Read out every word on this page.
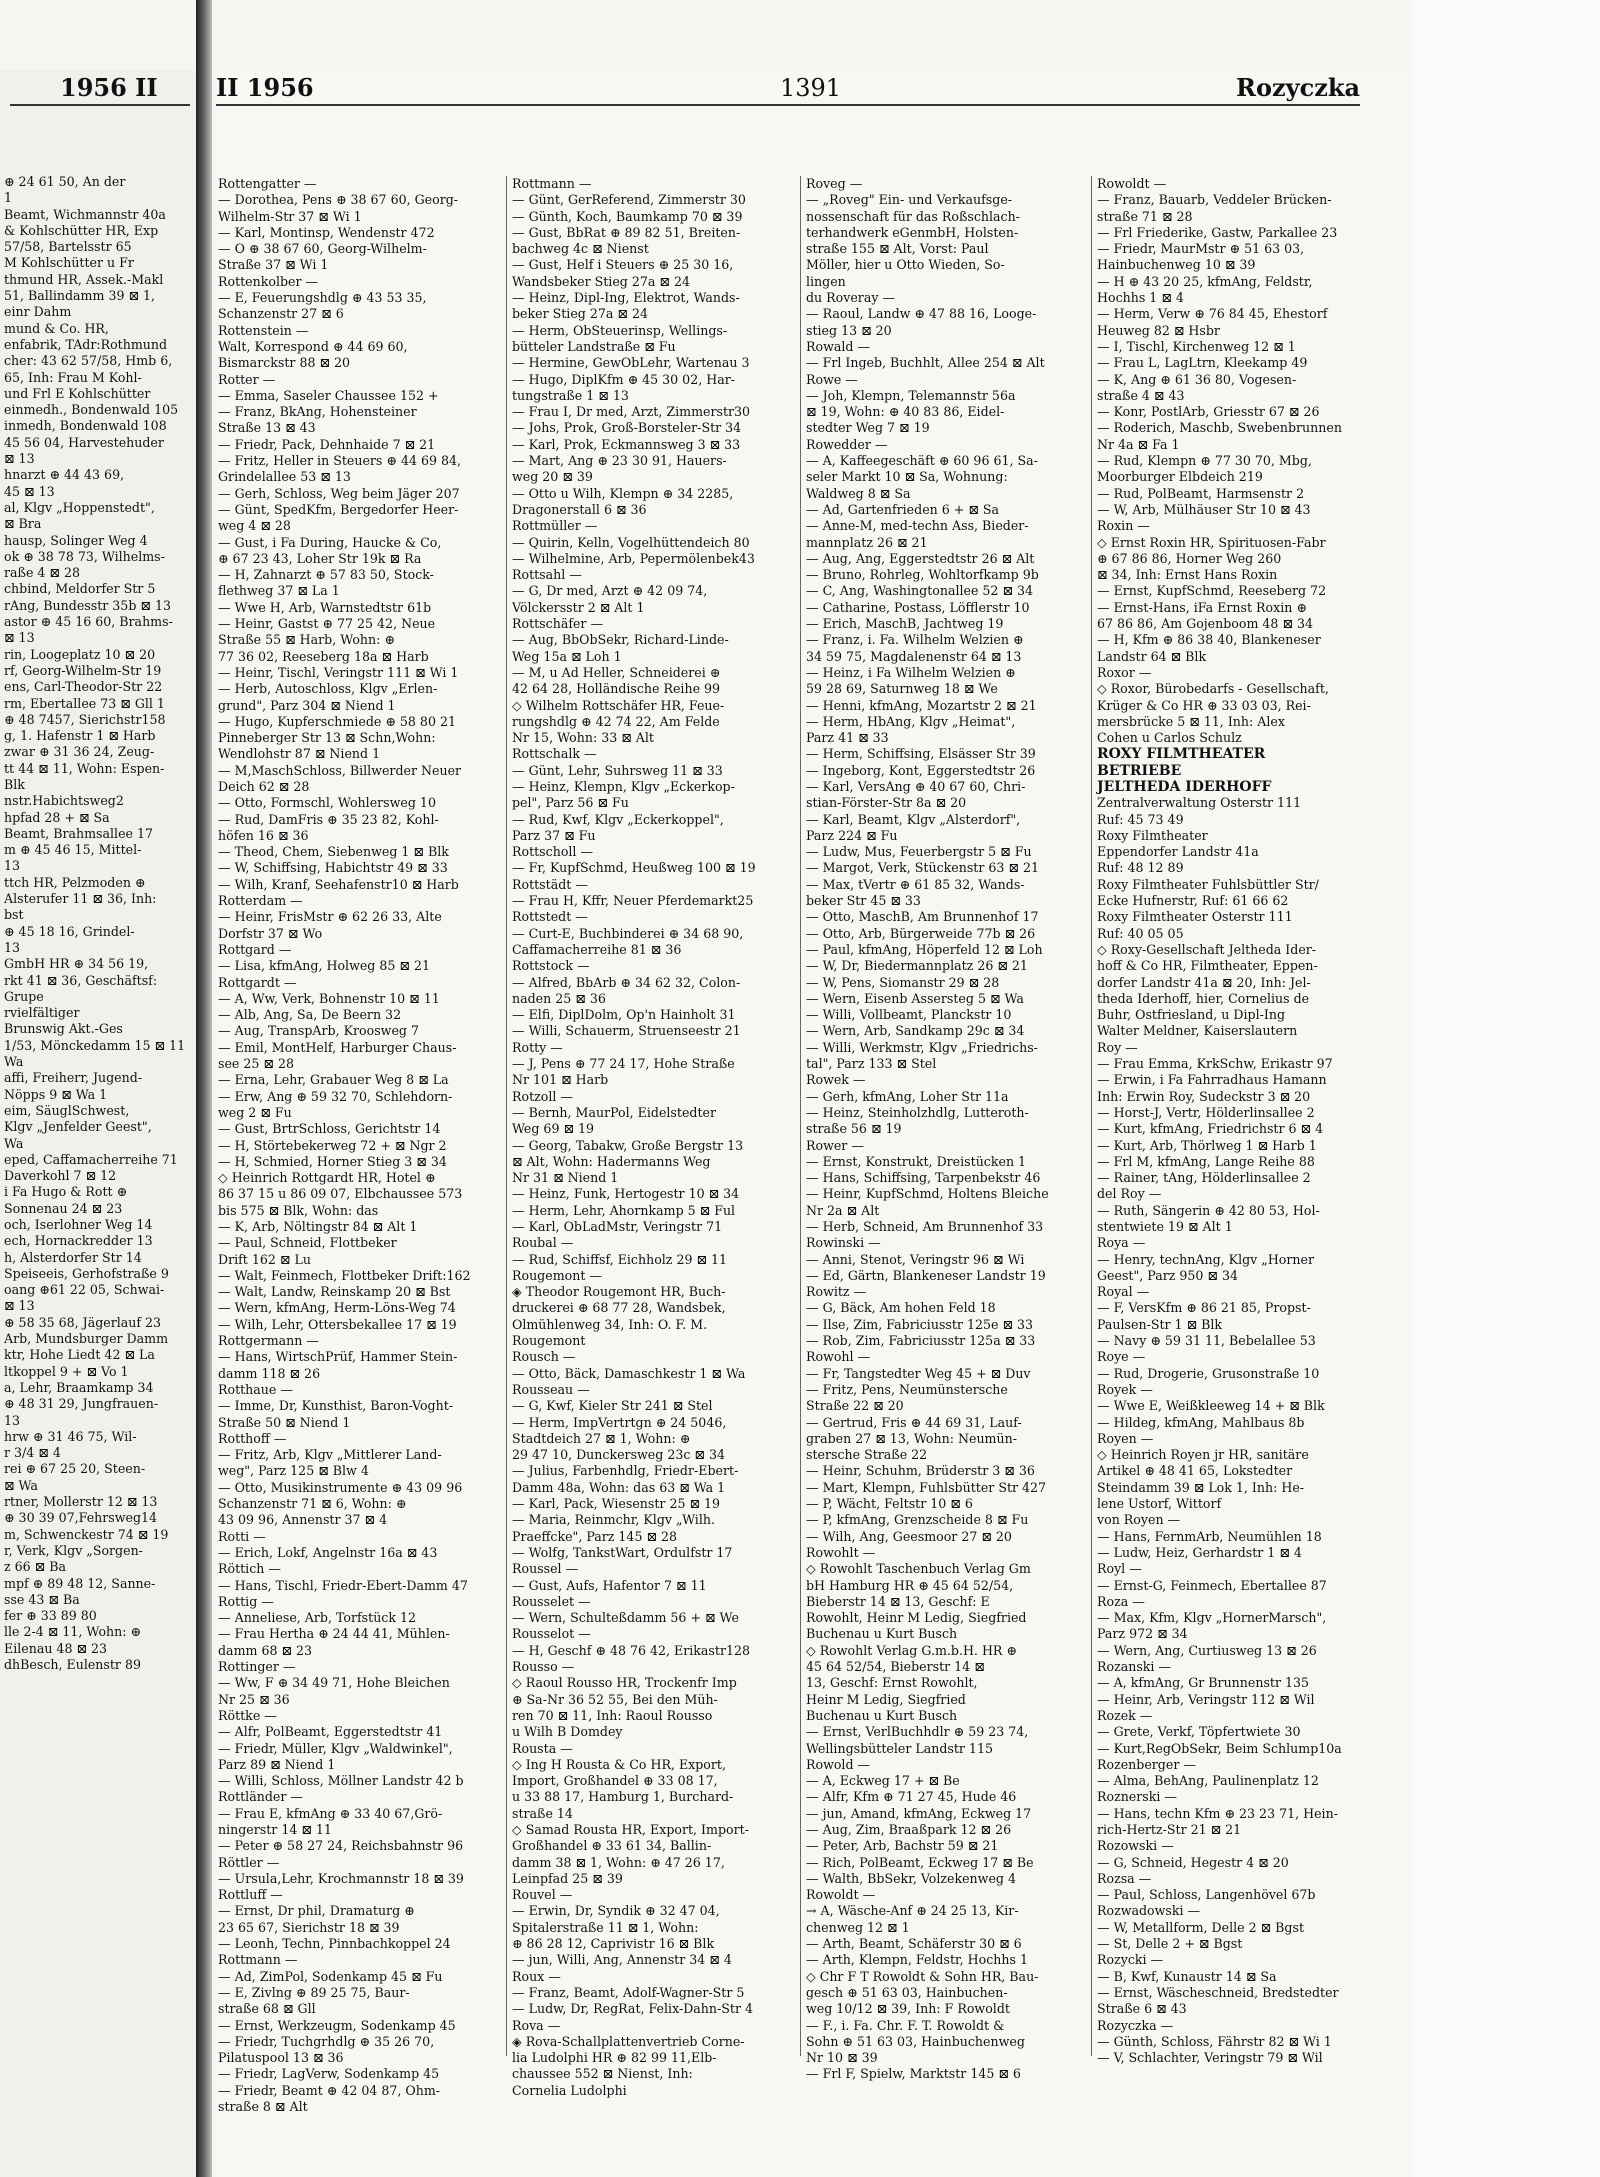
1956 II	II 1956	1391	Rozyczka
⊕ 24 61 50, An der
1
Beamt, Wichmannstr 40a
& Kohlschütter HR, Exp
57/58, Bartelsstr 65
M Kohlschütter u Fr
thmund HR, Assek.-Makl
51, Ballindamm 39 ⊠ 1,
einr Dahm
mund & Co. HR,
enfabrik, TAdr:Rothmund
cher: 43 62 57/58, Hmb 6,
65, Inh: Frau M Kohl-
und Frl E Kohlschütter
einmedh., Bondenwald 105
inmedh, Bondenwald 108
45 56 04, Harvestehuder
⊠ 13
hnarzt ⊕ 44 43 69,
45 ⊠ 13
al, Klgv „Hoppenstedt",
⊠ Bra
hausp, Solinger Weg 4
ok ⊕ 38 78 73, Wilhelms-
raße 4 ⊠ 28
chbind, Meldorfer Str 5
rAng, Bundesstr 35b ⊠ 13
astor ⊕ 45 16 60, Brahms-
⊠ 13
rin, Loogeplatz 10 ⊠ 20
rf, Georg-Wilhelm-Str 19
ens, Carl-Theodor-Str 22
rm, Ebertallee 73 ⊠ Gll 1
⊕ 48 7457, Sierichstr158
g, 1. Hafenstr 1 ⊠ Harb
zwar ⊕ 31 36 24, Zeug-
tt 44 ⊠ 11, Wohn: Espen-
Blk
nstr.Habichtsweg2
hpfad 28 + ⊠ Sa
Beamt, Brahmsallee 17
m ⊕ 45 46 15, Mittel-
13
ttch HR, Pelzmoden ⊕
Alsterufer 11 ⊠ 36, Inh:
bst
⊕ 45 18 16, Grindel-
13
GmbH HR ⊕ 34 56 19,
rkt 41 ⊠ 36, Geschäftsf:
Grupe
rvielfältiger
Brunswig Akt.-Ges
1/53, Mönckedamm 15 ⊠ 11
Wa
affi, Freiherr, Jugend-
Nöpps 9 ⊠ Wa 1
eim, SäuglSchwest,
Klgv „Jenfelder Geest",
Wa
eped, Caffamacherreihe 71
Daverkohl 7 ⊠ 12
i Fa Hugo & Rott ⊕
Sonnenau 24 ⊠ 23
och, Iserlohner Weg 14
ech, Hornackredder 13
h, Alsterdorfer Str 14
Speiseeis, Gerhofstraße 9
oang ⊕61 22 05, Schwai-
⊠ 13
⊕ 58 35 68, Jägerlauf 23
Arb, Mundsburger Damm
ktr, Hohe Liedt 42 ⊠ La
ltkoppel 9 + ⊠ Vo 1
a, Lehr, Braamkamp 34
⊕ 48 31 29, Jungfrauen-
13
hrw ⊕ 31 46 75, Wil-
r 3/4 ⊠ 4
rei ⊕ 67 25 20, Steen-
⊠ Wa
rtner, Mollerstr 12 ⊠ 13
⊕ 30 39 07,Fehrsweg14
m, Schwenckestr 74 ⊠ 19
r, Verk, Klgv „Sorgen-
z 66 ⊠ Ba
mpf ⊕ 89 48 12, Sanne-
sse 43 ⊠ Ba
fer ⊕ 33 89 80
lle 2-4 ⊠ 11, Wohn: ⊕
Eilenau 48 ⊠ 23
dhBesch, Eulenstr 89
Rottengatter —
— Dorothea, Pens ⊕ 38 67 60, Georg-
Wilhelm-Str 37 ⊠ Wi 1
— Karl, Montinsp, Wendenstr 472
— O ⊕ 38 67 60, Georg-Wilhelm-
Straße 37 ⊠ Wi 1
Rottenkolber —
— E, Feuerungshdlg ⊕ 43 53 35,
Schanzenstr 27 ⊠ 6
Rottenstein —
Walt, Korrespond ⊕ 44 69 60,
Bismarckstr 88 ⊠ 20
Rotter —
— Emma, Saseler Chaussee 152 +
— Franz, BkAng, Hohensteiner
Straße 13 ⊠ 43
— Friedr, Pack, Dehnhaide 7 ⊠ 21
— Fritz, Heller in Steuers ⊕ 44 69 84,
Grindelallee 53 ⊠ 13
— Gerh, Schloss, Weg beim Jäger 207
— Günt, SpedKfm, Bergedorfer Heer-
weg 4 ⊠ 28
— Gust, i Fa During, Haucke & Co,
⊕ 67 23 43, Loher Str 19k ⊠ Ra
— H, Zahnarzt ⊕ 57 83 50, Stock-
flethweg 37 ⊠ La 1
— Wwe H, Arb, Warnstedtstr 61b
— Heinr, Gastst ⊕ 77 25 42, Neue
Straße 55 ⊠ Harb, Wohn: ⊕
77 36 02, Reeseberg 18a ⊠ Harb
— Heinr, Tischl, Veringstr 111 ⊠ Wi 1
— Herb, Autoschloss, Klgv „Erlen-
grund", Parz 304 ⊠ Niend 1
— Hugo, Kupferschmiede ⊕ 58 80 21
Pinneberger Str 13 ⊠ Schn,Wohn:
Wendlohstr 87 ⊠ Niend 1
— M,MaschSchloss, Billwerder Neuer
Deich 62 ⊠ 28
— Otto, Formschl, Wohlersweg 10
— Rud, DamFris ⊕ 35 23 82, Kohl-
höfen 16 ⊠ 36
— Theod, Chem, Siebenweg 1 ⊠ Blk
— W, Schiffsing, Habichtstr 49 ⊠ 33
— Wilh, Kranf, Seehafenstr10 ⊠ Harb
Rotterdam —
— Heinr, FrisMstr ⊕ 62 26 33, Alte
Dorfstr 37 ⊠ Wo
Rottgard —
— Lisa, kfmAng, Holweg 85 ⊠ 21
Rottgardt —
— A, Ww, Verk, Bohnenstr 10 ⊠ 11
— Alb, Ang, Sa, De Beern 32
— Aug, TranspArb, Kroosweg 7
— Emil, MontHelf, Harburger Chaus-
see 25 ⊠ 28
— Erna, Lehr, Grabauer Weg 8 ⊠ La
— Erw, Ang ⊕ 59 32 70, Schlehdorn-
weg 2 ⊠ Fu
— Gust, BrtrSchloss, Gerichtstr 14
— H, Störtebekerweg 72 + ⊠ Ngr 2
— H, Schmied, Horner Stieg 3 ⊠ 34
◇ Heinrich Rottgardt HR, Hotel ⊕
86 37 15 u 86 09 07, Elbchaussee 573
bis 575 ⊠ Blk, Wohn: das
— K, Arb, Nöltingstr 84 ⊠ Alt 1
— Paul, Schneid, Flottbeker
Drift 162 ⊠ Lu
— Walt, Feinmech, Flottbeker Drift:162
— Walt, Landw, Reinskamp 20 ⊠ Bst
— Wern, kfmAng, Herm-Löns-Weg 74
— Wilh, Lehr, Ottersbekallee 17 ⊠ 19
Rottgermann —
— Hans, WirtschPrüf, Hammer Stein-
damm 118 ⊠ 26
Rotthaue —
— Imme, Dr, Kunsthist, Baron-Voght-
Straße 50 ⊠ Niend 1
Rotthoff —
— Fritz, Arb, Klgv „Mittlerer Land-
weg", Parz 125 ⊠ Blw 4
— Otto, Musikinstrumente ⊕ 43 09 96
Schanzenstr 71 ⊠ 6, Wohn: ⊕
43 09 96, Annenstr 37 ⊠ 4
Rotti —
— Erich, Lokf, Angelnstr 16a ⊠ 43
Röttich —
— Hans, Tischl, Friedr-Ebert-Damm 47
Rottig —
— Anneliese, Arb, Torfstück 12
— Frau Hertha ⊕ 24 44 41, Mühlen-
damm 68 ⊠ 23
Rottinger —
— Ww, F ⊕ 34 49 71, Hohe Bleichen
Nr 25 ⊠ 36
Röttke —
— Alfr, PolBeamt, Eggerstedtstr 41
— Friedr, Müller, Klgv „Waldwinkel",
Parz 89 ⊠ Niend 1
— Willi, Schloss, Möllner Landstr 42 b
Rottländer —
— Frau E, kfmAng ⊕ 33 40 67,Grö-
ningerstr 14 ⊠ 11
— Peter ⊕ 58 27 24, Reichsbahnstr 96
Röttler —
— Ursula,Lehr, Krochmannstr 18 ⊠ 39
Rottluff —
— Ernst, Dr phil, Dramaturg ⊕
23 65 67, Sierichstr 18 ⊠ 39
— Leonh, Techn, Pinnbachkoppel 24
Rottmann —
— Ad, ZimPol, Sodenkamp 45 ⊠ Fu
— E, Zivlng ⊕ 89 25 75, Baur-
straße 68 ⊠ Gll
— Ernst, Werkzeugm, Sodenkamp 45
— Friedr, Tuchgrhdlg ⊕ 35 26 70,
Pilatuspool 13 ⊠ 36
— Friedr, LagVerw, Sodenkamp 45
— Friedr, Beamt ⊕ 42 04 87, Ohm-
straße 8 ⊠ Alt
Rottmann —
— Günt, GerReferend, Zimmerstr 30
— Günth, Koch, Baumkamp 70 ⊠ 39
— Gust, BbRat ⊕ 89 82 51, Breiten-
bachweg 4c ⊠ Nienst
— Gust, Helf i Steuers ⊕ 25 30 16,
Wandsbeker Stieg 27a ⊠ 24
— Heinz, Dipl-Ing, Elektrot, Wands-
beker Stieg 27a ⊠ 24
— Herm, ObSteuerinsp, Wellings-
bütteler Landstraße ⊠ Fu
— Hermine, GewObLehr, Wartenau 3
— Hugo, DiplKfm ⊕ 45 30 02, Har-
tungstraße 1 ⊠ 13
— Frau I, Dr med, Arzt, Zimmerstr30
— Johs, Prok, Groß-Borsteler-Str 34
— Karl, Prok, Eckmannsweg 3 ⊠ 33
— Mart, Ang ⊕ 23 30 91, Hauers-
weg 20 ⊠ 39
— Otto u Wilh, Klempn ⊕ 34 2285,
Dragonerstall 6 ⊠ 36
Rottmüller —
— Quirin, Kelln, Vogelhüttendeich 80
— Wilhelmine, Arb, Pepermölenbek43
Rottsahl —
— G, Dr med, Arzt ⊕ 42 09 74,
Völckersstr 2 ⊠ Alt 1
Rottschäfer —
— Aug, BbObSekr, Richard-Linde-
Weg 15a ⊠ Loh 1
— M, u Ad Heller, Schneiderei ⊕
42 64 28, Holländische Reihe 99
◇ Wilhelm Rottschäfer HR, Feue-
rungshdlg ⊕ 42 74 22, Am Felde
Nr 15, Wohn: 33 ⊠ Alt
Rottschalk —
— Günt, Lehr, Suhrsweg 11 ⊠ 33
— Heinz, Klempn, Klgv „Eckerkop-
pel", Parz 56 ⊠ Fu
— Rud, Kwf, Klgv „Eckerkoppel",
Parz 37 ⊠ Fu
Rottscholl —
— Fr, KupfSchmd, Heußweg 100 ⊠ 19
Rottstädt —
— Frau H, Kffr, Neuer Pferdemarkt25
Rottstedt —
— Curt-E, Buchbinderei ⊕ 34 68 90,
Caffamacherreihe 81 ⊠ 36
Rottstock —
— Alfred, BbArb ⊕ 34 62 32, Colon-
naden 25 ⊠ 36
— Elfi, DiplDolm, Op'n Hainholt 31
— Willi, Schauerm, Struenseestr 21
Rotty —
— J, Pens ⊕ 77 24 17, Hohe Straße
Nr 101 ⊠ Harb
Rotzoll —
— Bernh, MaurPol, Eidelstedter
Weg 69 ⊠ 19
— Georg, Tabakw, Große Bergstr 13
⊠ Alt, Wohn: Hadermanns Weg
Nr 31 ⊠ Niend 1
— Heinz, Funk, Hertogestr 10 ⊠ 34
— Herm, Lehr, Ahornkamp 5 ⊠ Ful
— Karl, ObLadMstr, Veringstr 71
Roubal —
— Rud, Schiffsf, Eichholz 29 ⊠ 11
Rougemont —
◈ Theodor Rougemont HR, Buch-
druckerei ⊕ 68 77 28, Wandsbek,
Olmühlenweg 34, Inh: O. F. M.
Rougemont
Rousch —
— Otto, Bäck, Damaschkestr 1 ⊠ Wa
Rousseau —
— G, Kwf, Kieler Str 241 ⊠ Stel
— Herm, ImpVertrtgn ⊕ 24 5046,
Stadtdeich 27 ⊠ 1, Wohn: ⊕
29 47 10, Dunckersweg 23c ⊠ 34
— Julius, Farbenhdlg, Friedr-Ebert-
Damm 48a, Wohn: das 63 ⊠ Wa 1
— Karl, Pack, Wiesenstr 25 ⊠ 19
— Maria, Reinmchr, Klgv „Wilh.
Praeffcke", Parz 145 ⊠ 28
— Wolfg, TankstWart, Ordulfstr 17
Roussel —
— Gust, Aufs, Hafentor 7 ⊠ 11
Rousselet —
— Wern, Schulteßdamm 56 + ⊠ We
Rousselot —
— H, Geschf ⊕ 48 76 42, Erikastr128
Rousso —
◇ Raoul Rousso HR, Trockenfr Imp
⊕ Sa-Nr 36 52 55, Bei den Müh-
ren 70 ⊠ 11, Inh: Raoul Rousso
u Wilh B Domdey
Rousta —
◇ Ing H Rousta & Co HR, Export,
Import, Großhandel ⊕ 33 08 17,
u 33 88 17, Hamburg 1, Burchard-
straße 14
◇ Samad Rousta HR, Export, Import-
Großhandel ⊕ 33 61 34, Ballin-
damm 38 ⊠ 1, Wohn: ⊕ 47 26 17,
Leinpfad 25 ⊠ 39
Rouvel —
— Erwin, Dr, Syndik ⊕ 32 47 04,
Spitalerstraße 11 ⊠ 1, Wohn:
⊕ 86 28 12, Caprivistr 16 ⊠ Blk
— jun, Willi, Ang, Annenstr 34 ⊠ 4
Roux —
— Franz, Beamt, Adolf-Wagner-Str 5
— Ludw, Dr, RegRat, Felix-Dahn-Str 4
Rova —
◈ Rova-Schallplattenvertrieb Corne-
lia Ludolphi HR ⊕ 82 99 11,Elb-
chaussee 552 ⊠ Nienst, Inh:
Cornelia Ludolphi
Roveg —
— „Roveg" Ein- und Verkaufsge-
nossenschaft für das Roßschlach-
terhandwerk eGenmbH, Holsten-
straße 155 ⊠ Alt, Vorst: Paul
Möller, hier u Otto Wieden, So-
lingen
du Roveray —
— Raoul, Landw ⊕ 47 88 16, Looge-
stieg 13 ⊠ 20
Rowald —
— Frl Ingeb, Buchhlt, Allee 254 ⊠ Alt
Rowe —
— Joh, Klempn, Telemannstr 56a
⊠ 19, Wohn: ⊕ 40 83 86, Eidel-
stedter Weg 7 ⊠ 19
Rowedder —
— A, Kaffeegeschäft ⊕ 60 96 61, Sa-
seler Markt 10 ⊠ Sa, Wohnung:
Waldweg 8 ⊠ Sa
— Ad, Gartenfrieden 6 + ⊠ Sa
— Anne-M, med-techn Ass, Bieder-
mannplatz 26 ⊠ 21
— Aug, Ang, Eggerstedtstr 26 ⊠ Alt
— Bruno, Rohrleg, Wohltorfkamp 9b
— C, Ang, Washingtonallee 52 ⊠ 34
— Catharine, Postass, Löfflerstr 10
— Erich, MaschB, Jachtweg 19
— Franz, i. Fa. Wilhelm Welzien ⊕
34 59 75, Magdalenenstr 64 ⊠ 13
— Heinz, i Fa Wilhelm Welzien ⊕
59 28 69, Saturnweg 18 ⊠ We
— Henni, kfmAng, Mozartstr 2 ⊠ 21
— Herm, HbAng, Klgv „Heimat",
Parz 41 ⊠ 33
— Herm, Schiffsing, Elsässer Str 39
— Ingeborg, Kont, Eggerstedtstr 26
— Karl, VersAng ⊕ 40 67 60, Chri-
stian-Förster-Str 8a ⊠ 20
— Karl, Beamt, Klgv „Alsterdorf",
Parz 224 ⊠ Fu
— Ludw, Mus, Feuerbergstr 5 ⊠ Fu
— Margot, Verk, Stückenstr 63 ⊠ 21
— Max, tVertr ⊕ 61 85 32, Wands-
beker Str 45 ⊠ 33
— Otto, MaschB, Am Brunnenhof 17
— Otto, Arb, Bürgerweide 77b ⊠ 26
— Paul, kfmAng, Höperfeld 12 ⊠ Loh
— W, Dr, Biedermannplatz 26 ⊠ 21
— W, Pens, Siomanstr 29 ⊠ 28
— Wern, Eisenb Assersteg 5 ⊠ Wa
— Willi, Vollbeamt, Planckstr 10
— Wern, Arb, Sandkamp 29c ⊠ 34
— Willi, Werkmstr, Klgv „Friedrichs-
tal", Parz 133 ⊠ Stel
Rowek —
— Gerh, kfmAng, Loher Str 11a
— Heinz, Steinholzhdlg, Lutteroth-
straße 56 ⊠ 19
Rower —
— Ernst, Konstrukt, Dreistücken 1
— Hans, Schiffsing, Tarpenbekstr 46
— Heinr, KupfSchmd, Holtens Bleiche
Nr 2a ⊠ Alt
— Herb, Schneid, Am Brunnenhof 33
Rowinski —
— Anni, Stenot, Veringstr 96 ⊠ Wi
— Ed, Gärtn, Blankeneser Landstr 19
Rowitz —
— G, Bäck, Am hohen Feld 18
— Ilse, Zim, Fabriciusstr 125e ⊠ 33
— Rob, Zim, Fabriciusstr 125a ⊠ 33
Rowohl —
— Fr, Tangstedter Weg 45 + ⊠ Duv
— Fritz, Pens, Neumünstersche
Straße 22 ⊠ 20
— Gertrud, Fris ⊕ 44 69 31, Lauf-
graben 27 ⊠ 13, Wohn: Neumün-
stersche Straße 22
— Heinr, Schuhm, Brüderstr 3 ⊠ 36
— Mart, Klempn, Fuhlsbütter Str 427
— P, Wächt, Feltstr 10 ⊠ 6
— P, kfmAng, Grenzscheide 8 ⊠ Fu
— Wilh, Ang, Geesmoor 27 ⊠ 20
Rowohlt —
◇ Rowohlt Taschenbuch Verlag Gm
bH Hamburg HR ⊕ 45 64 52/54,
Bieberstr 14 ⊠ 13, Geschf: E
Rowohlt, Heinr M Ledig, Siegfried
Buchenau u Kurt Busch
◇ Rowohlt Verlag G.m.b.H. HR ⊕
45 64 52/54, Bieberstr 14 ⊠
13, Geschf: Ernst Rowohlt,
Heinr M Ledig, Siegfried
Buchenau u Kurt Busch
— Ernst, VerlBuchhdlr ⊕ 59 23 74,
Wellingsbütteler Landstr 115
Rowold —
— A, Eckweg 17 + ⊠ Be
— Alfr, Kfm ⊕ 71 27 45, Hude 46
— jun, Amand, kfmAng, Eckweg 17
— Aug, Zim, Braaßpark 12 ⊠ 26
— Peter, Arb, Bachstr 59 ⊠ 21
— Rich, PolBeamt, Eckweg 17 ⊠ Be
— Walth, BbSekr, Volzekenweg 4
Rowoldt —
→ A, Wäsche-Anf ⊕ 24 25 13, Kir-
chenweg 12 ⊠ 1
— Arth, Beamt, Schäferstr 30 ⊠ 6
— Arth, Klempn, Feldstr, Hochhs 1
◇ Chr F T Rowoldt & Sohn HR, Bau-
gesch ⊕ 51 63 03, Hainbuchen-
weg 10/12 ⊠ 39, Inh: F Rowoldt
— F., i. Fa. Chr. F. T. Rowoldt &
Sohn ⊕ 51 63 03, Hainbuchenweg
Nr 10 ⊠ 39
— Frl F, Spielw, Marktstr 145 ⊠ 6
Rowoldt —
— Franz, Bauarb, Veddeler Brücken-
straße 71 ⊠ 28
— Frl Friederike, Gastw, Parkallee 23
— Friedr, MaurMstr ⊕ 51 63 03,
Hainbuchenweg 10 ⊠ 39
— H ⊕ 43 20 25, kfmAng, Feldstr,
Hochhs 1 ⊠ 4
— Herm, Verw ⊕ 76 84 45, Ehestorf
Heuweg 82 ⊠ Hsbr
— I, Tischl, Kirchenweg 12 ⊠ 1
— Frau L, LagLtrn, Kleekamp 49
— K, Ang ⊕ 61 36 80, Vogesen-
straße 4 ⊠ 43
— Konr, PostlArb, Griesstr 67 ⊠ 26
— Roderich, Maschb, Swebenbrunnen
Nr 4a ⊠ Fa 1
— Rud, Klempn ⊕ 77 30 70, Mbg,
Moorburger Elbdeich 219
— Rud, PolBeamt, Harmsenstr 2
— W, Arb, Mülhäuser Str 10 ⊠ 43
Roxin —
◇ Ernst Roxin HR, Spirituosen-Fabr
⊕ 67 86 86, Horner Weg 260
⊠ 34, Inh: Ernst Hans Roxin
— Ernst, KupfSchmd, Reeseberg 72
— Ernst-Hans, iFa Ernst Roxin ⊕
67 86 86, Am Gojenboom 48 ⊠ 34
— H, Kfm ⊕ 86 38 40, Blankeneser
Landstr 64 ⊠ Blk
Roxor —
◇ Roxor, Bürobedarfs - Gesellschaft,
Krüger & Co HR ⊕ 33 03 03, Rei-
mersbrücke 5 ⊠ 11, Inh: Alex
Cohen u Carlos Schulz
ROXY FILMTHEATER BETRIEBE
JELTHEDA IDERHOFF
Zentralverwaltung Osterstr 111
Ruf: 45 73 49
Roxy Filmtheater
Eppendorfer Landstr 41a
Ruf: 48 12 89
Roxy Filmtheater Fuhlsbüttler Str/
Ecke Hufnerstr, Ruf: 61 66 62
Roxy Filmtheater Osterstr 111
Ruf: 40 05 05
◇ Roxy-Gesellschaft Jeltheda Ider-
hoff & Co HR, Filmtheater, Eppen-
dorfer Landstr 41a ⊠ 20, Inh: Jel-
theda Iderhoff, hier, Cornelius de
Buhr, Ostfriesland, u Dipl-Ing
Walter Meldner, Kaiserslautern
Roy —
— Frau Emma, KrkSchw, Erikastr 97
— Erwin, i Fa Fahrradhaus Hamann
Inh: Erwin Roy, Sudeckstr 3 ⊠ 20
— Horst-J, Vertr, Hölderlinsallee 2
— Kurt, kfmAng, Friedrichstr 6 ⊠ 4
— Kurt, Arb, Thörlweg 1 ⊠ Harb 1
— Frl M, kfmAng, Lange Reihe 88
— Rainer, tAng, Hölderlinsallee 2
del Roy —
— Ruth, Sängerin ⊕ 42 80 53, Hol-
stentwiete 19 ⊠ Alt 1
Roya —
— Henry, technAng, Klgv „Horner
Geest", Parz 950 ⊠ 34
Royal —
— F, VersKfm ⊕ 86 21 85, Propst-
Paulsen-Str 1 ⊠ Blk
— Navy ⊕ 59 31 11, Bebelallee 53
Roye —
— Rud, Drogerie, Grusonstraße 10
Royek —
— Wwe E, Weißkleeweg 14 + ⊠ Blk
— Hildeg, kfmAng, Mahlbaus 8b
Royen —
◇ Heinrich Royen jr HR, sanitäre
Artikel ⊕ 48 41 65, Lokstedter
Steindamm 39 ⊠ Lok 1, Inh: He-
lene Ustorf, Wittorf
von Royen —
— Hans, FernmArb, Neumühlen 18
— Ludw, Heiz, Gerhardstr 1 ⊠ 4
Royl —
— Ernst-G, Feinmech, Ebertallee 87
Roza —
— Max, Kfm, Klgv „HornerMarsch",
Parz 972 ⊠ 34
— Wern, Ang, Curtiusweg 13 ⊠ 26
Rozanski —
— A, kfmAng, Gr Brunnenstr 135
— Heinr, Arb, Veringstr 112 ⊠ Wil
Rozek —
— Grete, Verkf, Töpfertwiete 30
— Kurt,RegObSekr, Beim Schlump10a
Rozenberger —
— Alma, BehAng, Paulinenplatz 12
Roznerski —
— Hans, techn Kfm ⊕ 23 23 71, Hein-
rich-Hertz-Str 21 ⊠ 21
Rozowski —
— G, Schneid, Hegestr 4 ⊠ 20
Rozsa —
— Paul, Schloss, Langenhövel 67b
Rozwadowski —
— W, Metallform, Delle 2 ⊠ Bgst
— St, Delle 2 + ⊠ Bgst
Rozycki —
— B, Kwf, Kunaustr 14 ⊠ Sa
— Ernst, Wäscheschneid, Bredstedter
Straße 6 ⊠ 43
Rozyczka —
— Günth, Schloss, Fährstr 82 ⊠ Wi 1
— V, Schlachter, Veringstr 79 ⊠ Wil
